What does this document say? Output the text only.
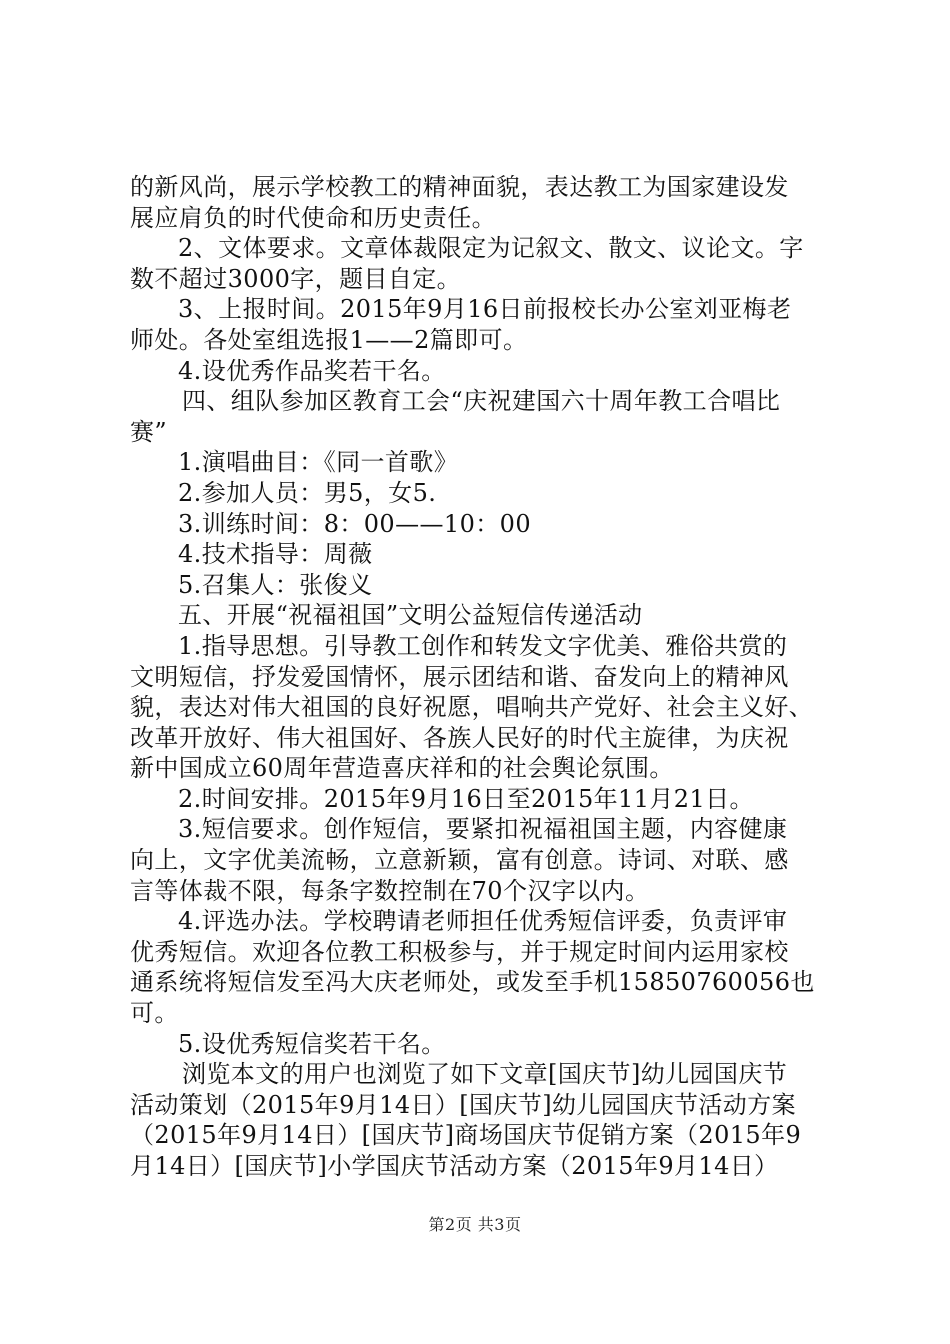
的新风尚，展示学校教工的精神面貌，表达教工为国家建设发
展应肩负的时代使命和历史责任。
2、文体要求。文章体裁限定为记叙文、散文、议论文。字
数不超过3000字，题目自定。
3、上报时间。2015年9月16日前报校长办公室刘亚梅老
师处。各处室组选报1——2篇即可。
4.设优秀作品奖若干名。
四、组队参加区教育工会“庆祝建国六十周年教工合唱比
赛”
1.演唱曲目：《同一首歌》
2.参加人员：男5，女5.
3.训练时间：8：00——10：00
4.技术指导：周薇
5.召集人：张俊义
五、开展“祝福祖国”文明公益短信传递活动
1.指导思想。引导教工创作和转发文字优美、雅俗共赏的
文明短信，抒发爱国情怀，展示团结和谐、奋发向上的精神风
貌，表达对伟大祖国的良好祝愿，唱响共产党好、社会主义好、
改革开放好、伟大祖国好、各族人民好的时代主旋律，为庆祝
新中国成立60周年营造喜庆祥和的社会舆论氛围。
2.时间安排。2015年9月16日至2015年11月21日。
3.短信要求。创作短信，要紧扣祝福祖国主题，内容健康
向上，文字优美流畅，立意新颖，富有创意。诗词、对联、感
言等体裁不限，每条字数控制在70个汉字以内。
4.评选办法。学校聘请老师担任优秀短信评委，负责评审
优秀短信。欢迎各位教工积极参与，并于规定时间内运用家校
通系统将短信发至冯大庆老师处，或发至手机15850760056也
可。
5.设优秀短信奖若干名。
浏览本文的用户也浏览了如下文章[国庆节]幼儿园国庆节
活动策划（2015年9月14日）[国庆节]幼儿园国庆节活动方案
（2015年9月14日）[国庆节]商场国庆节促销方案（2015年9
月14日）[国庆节]小学国庆节活动方案（2015年9月14日）
第2页 共3页
